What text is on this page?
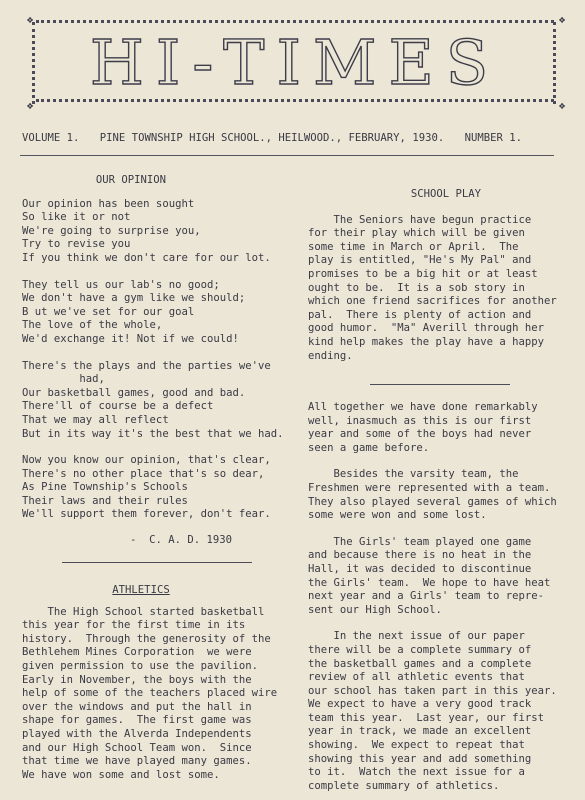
❖	❖
❖	❖
HI-TIMES
VOLUME 1. PINE TOWNSHIP HIGH SCHOOL., HEILWOOD., FEBRUARY, 1930. NUMBER 1.
OUR OPINION
Our opinion has been sought
So like it or not
We're going to surprise you,
Try to revise you
If you think we don't care for our lot.
They tell us our lab's no good;
We don't have a gym like we should;
B ut we've set for our goal
The love of the whole,
We'd exchange it! Not if we could!
There's the plays and the parties we've
had,
Our basketball games, good and bad.
There'll of course be a defect
That we may all reflect
But in its way it's the best that we had.
Now you know our opinion, that's clear,
There's no other place that's so dear,
As Pine Township's Schools
Their laws and their rules
We'll support them forever, don't fear.
-  C. A. D. 1930
ATHLETICS
The High School started basketball
this year for the first time in its
history.  Through the generosity of the
Bethlehem Mines Corporation  we were
given permission to use the pavilion.
Early in November, the boys with the
help of some of the teachers placed wire
over the windows and put the hall in
shape for games.  The first game was
played with the Alverda Independents
and our High School Team won.  Since
that time we have played many games.
We have won some and lost some.
SCHOOL PLAY
The Seniors have begun practice
for their play which will be given
some time in March or April.  The
play is entitled, "He's My Pal" and
promises to be a big hit or at least
ought to be.  It is a sob story in
which one friend sacrifices for another
pal.  There is plenty of action and
good humor.  "Ma" Averill through her
kind help makes the play have a happy
ending.
All together we have done remarkably
well, inasmuch as this is our first
year and some of the boys had never
seen a game before.
Besides the varsity team, the
Freshmen were represented with a team.
They also played several games of which
some were won and some lost.
The Girls' team played one game
and because there is no heat in the
Hall, it was decided to discontinue
the Girls' team.  We hope to have heat
next year and a Girls' team to repre-
sent our High School.
In the next issue of our paper
there will be a complete summary of
the basketball games and a complete
review of all athletic events that
our school has taken part in this year.
We expect to have a very good track
team this year.  Last year, our first
year in track, we made an excellent
showing.  We expect to repeat that
showing this year and add something
to it.  Watch the next issue for a
complete summary of athletics.
